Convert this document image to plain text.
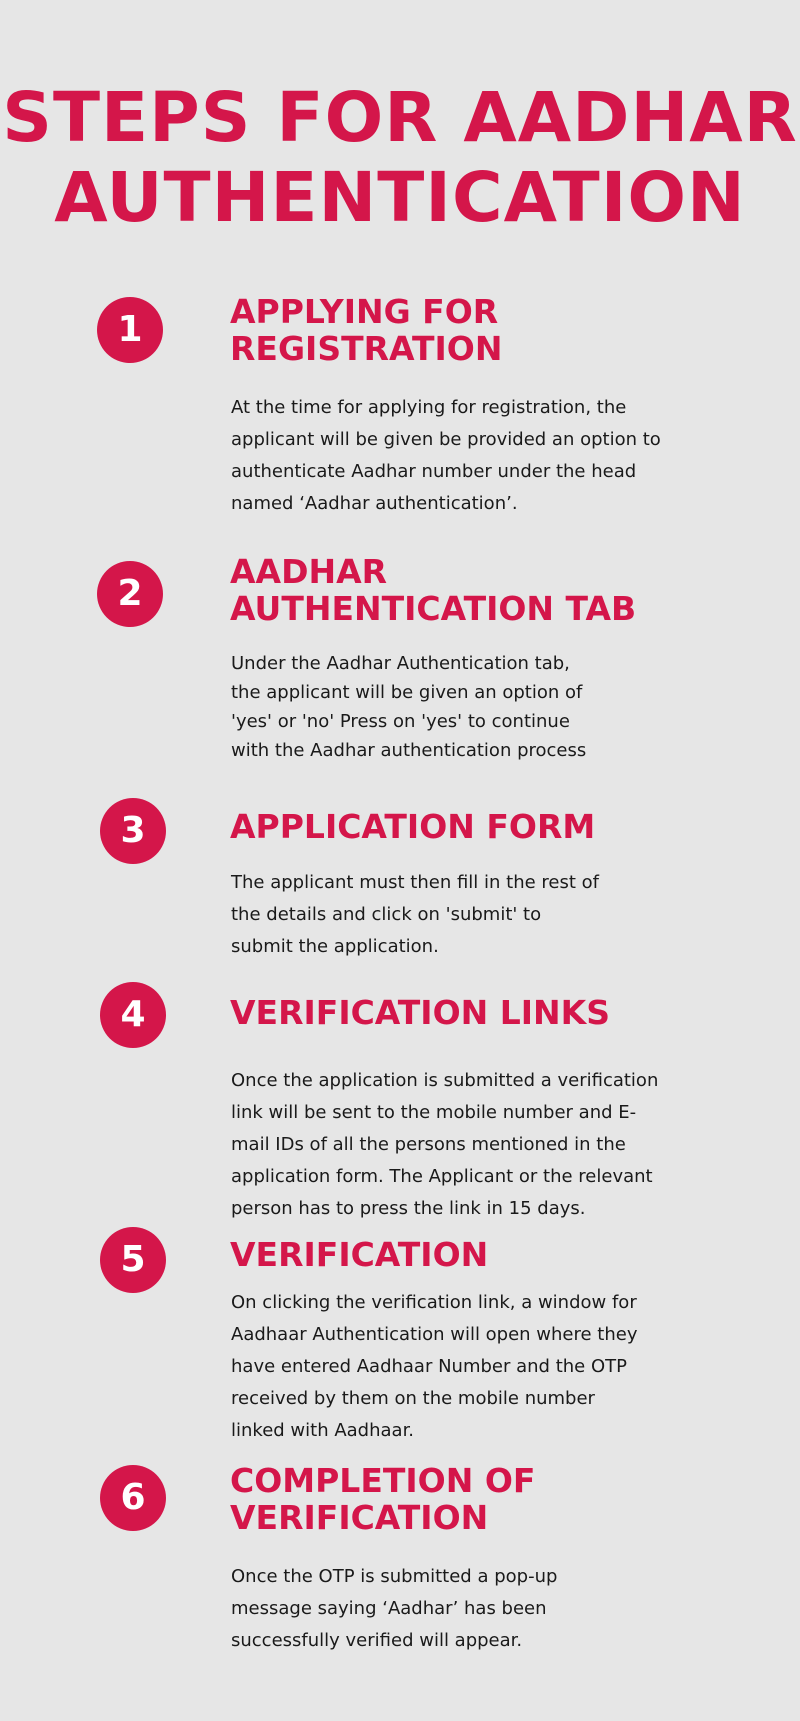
STEPS FOR AADHAR
AUTHENTICATION
1	APPLYING FOR
REGISTRATION
At the time for applying for registration, the
applicant will be given be provided an option to
authenticate Aadhar number under the head
named ‘Aadhar authentication’.
2
AADHAR
AUTHENTICATION TAB
Under the Aadhar Authentication tab,
the applicant will be given an option of
'yes' or 'no' Press on 'yes' to continue
with the Aadhar authentication process
3	APPLICATION FORM
The applicant must then fill in the rest of
the details and click on 'submit' to
submit the application.
4	VERIFICATION LINKS
Once the application is submitted a verification
link will be sent to the mobile number and E-
mail IDs of all the persons mentioned in the
application form. The Applicant or the relevant
person has to press the link in 15 days.
5	VERIFICATION
On clicking the verification link, a window for
Aadhaar Authentication will open where they
have entered Aadhaar Number and the OTP
received by them on the mobile number
linked with Aadhaar.
6	COMPLETION OF
VERIFICATION
Once the OTP is submitted a pop-up
message saying ‘Aadhar’ has been
successfully verified will appear.
